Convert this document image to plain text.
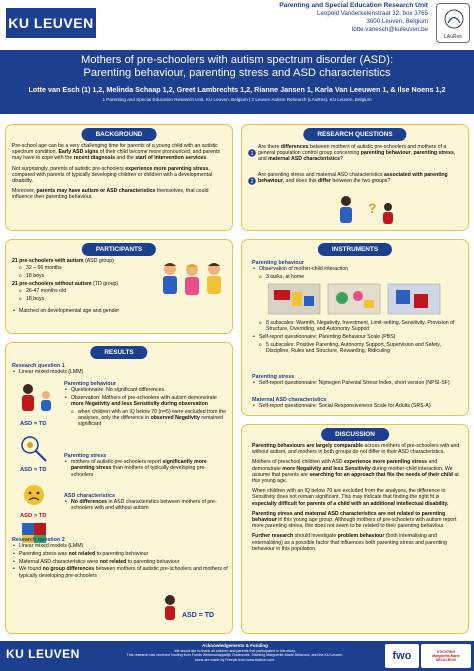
KU LEUVEN
Parenting and Special Education Research Unit
Leopold Vanderkelenstraat 32, box 3765
3000 Leuven, Belgium
lotte.vanesch@kuleuven.be
LAuRes
Mothers of pre-schoolers with autism spectrum disorder (ASD):
Parenting behaviour, parenting stress and ASD characteristics
Lotte van Esch (1) 1,2, Melinda Schaap 1,2, Greet Lambrechts 1,2, Rianne Jansen 1, Karla Van Leeuwen 1, & Ilse Noens 1,2
1 Parenting and Special Education Research Unit, KU Leuven, Belgium | 2 Leuven Autism Research (LAuRes), KU Leuven, Belgium
BACKGROUND

Pre-school age can be a very challenging time for parents of a young child with an autistic spectrum condition. Early ASD signs of their child become more pronounced, and parents may have to cope with the recent diagnosis and the start of intervention services.

Not surprisingly, parents of autistic pre-schoolers experience more parenting stress, compared with parents of typically developing children or children with a developmental disability.

Moreover, parents may have autism or ASD characteristics themselves, that could influence their parenting behaviour.

RESEARCH QUESTIONS
1
Are there differences between mothers of autistic pre-schoolers and mothers of a general population control group concerning parenting behaviour, parenting stress, and maternal ASD characteristics?
2
Are parenting stress and maternal ASD characteristics associated with parenting behaviour, and does this differ between the two groups?
?
PARTICIPANTS
21 pre-schoolers with autism (ASD group)
o 32 – 66 months
o 18 boys
21 pre-schoolers without autism (TD group)
o 26-47 months old
o 18 boys
• Matched on developmental age and gender
RESULTS
Research question 1
• Linear mixed models (LMM)
ASD = TD
ASD = TD
Parenting behaviour
• Questionnaire: No significant differences.
• Observation: Mothers of pre-schoolers with autism demonstrate more Negativity and less Sensitivity during observation
o when children with an IQ below 70 (n=5) were excluded from the analyses, only the difference in observed Negativity remained significant
Parenting stress
• mothers of autistic pre-schoolers report significantly more parenting stress than mothers of typically developing pre-schoolers
ASD > TD
ASD characteristics
• No differences in ASD characteristics between mothers of pre-schoolers with and without autism
Research question 2
• Linear mixed models (LMM)
• Parenting stress was not related to parenting behaviour
• Maternal ASD characteristics were not related to parenting behaviour
• We found no group differences between mothers of autistic pre-schoolers and mothers of typically developing pre-schoolers
ASD = TD
INSTRUMENTS
Parenting behaviour
• Observation of mother-child interaction
o 3 tasks, at home
o 8 subscales: Warmth, Negativity, Investment, Limit-setting, Sensitivity, Provision of Structure, Overriding, and Autonomy Support
• Self-report questionnaire: Parenting Behaviour Scale (PBS)
o 5 subscales: Positive Parenting, Autonomy Support, Supervision and Safety, Discipline, Rules and Structure, Rewarding, Ridiculing
Parenting stress
• Self-report questionnaire: Nijmegen Parental Stress Index, short version (NPSI-SF)
Maternal ASD characteristics
• Self-report questionnaire: Social Responsiveness Scale for Adults (SRS-A)
DISCUSSION

Parenting behaviours are largely comparable across mothers of pre-schoolers with and without autism, and mothers in both groups do not differ in their ASD characteristics.

Mothers of preschool children with ASD experience more parenting stress and demonstrate more Negativity and less Sensitivity during mother-child interaction. We assume that parents are searching for an approach that fits the needs of their child at this young age.

When children with an IQ below 70 are excluded from the analyses, the difference in Sensitivity does not remain significant. This may indicate that finding the right fit is especially difficult for parents of a child with an additional intellectual disability.

Parenting stress and maternal ASD characteristics are not related to parenting behaviour in this young age group. Although mothers of pre-schoolers with autism report more parenting stress, this does not seem to be related to their parenting behaviour.

Further research should investigate problem behaviour (both internalising and externalising) as a possible factor that influences both parenting stress and parenting behaviour in this population.

KU LEUVEN
Acknowledgements & Funding
We would like to thank all children and parents that participated in this study.
This research has received funding from Fonds Wetenschappelijk Onderzoek, Stichting Marguerite-Marie Delacroix, and the KU Leuven.
Icons are made by Freepik from www.flaticon.com.	fwo	STICHTING
Marguerite-Marie
DELACROIX
